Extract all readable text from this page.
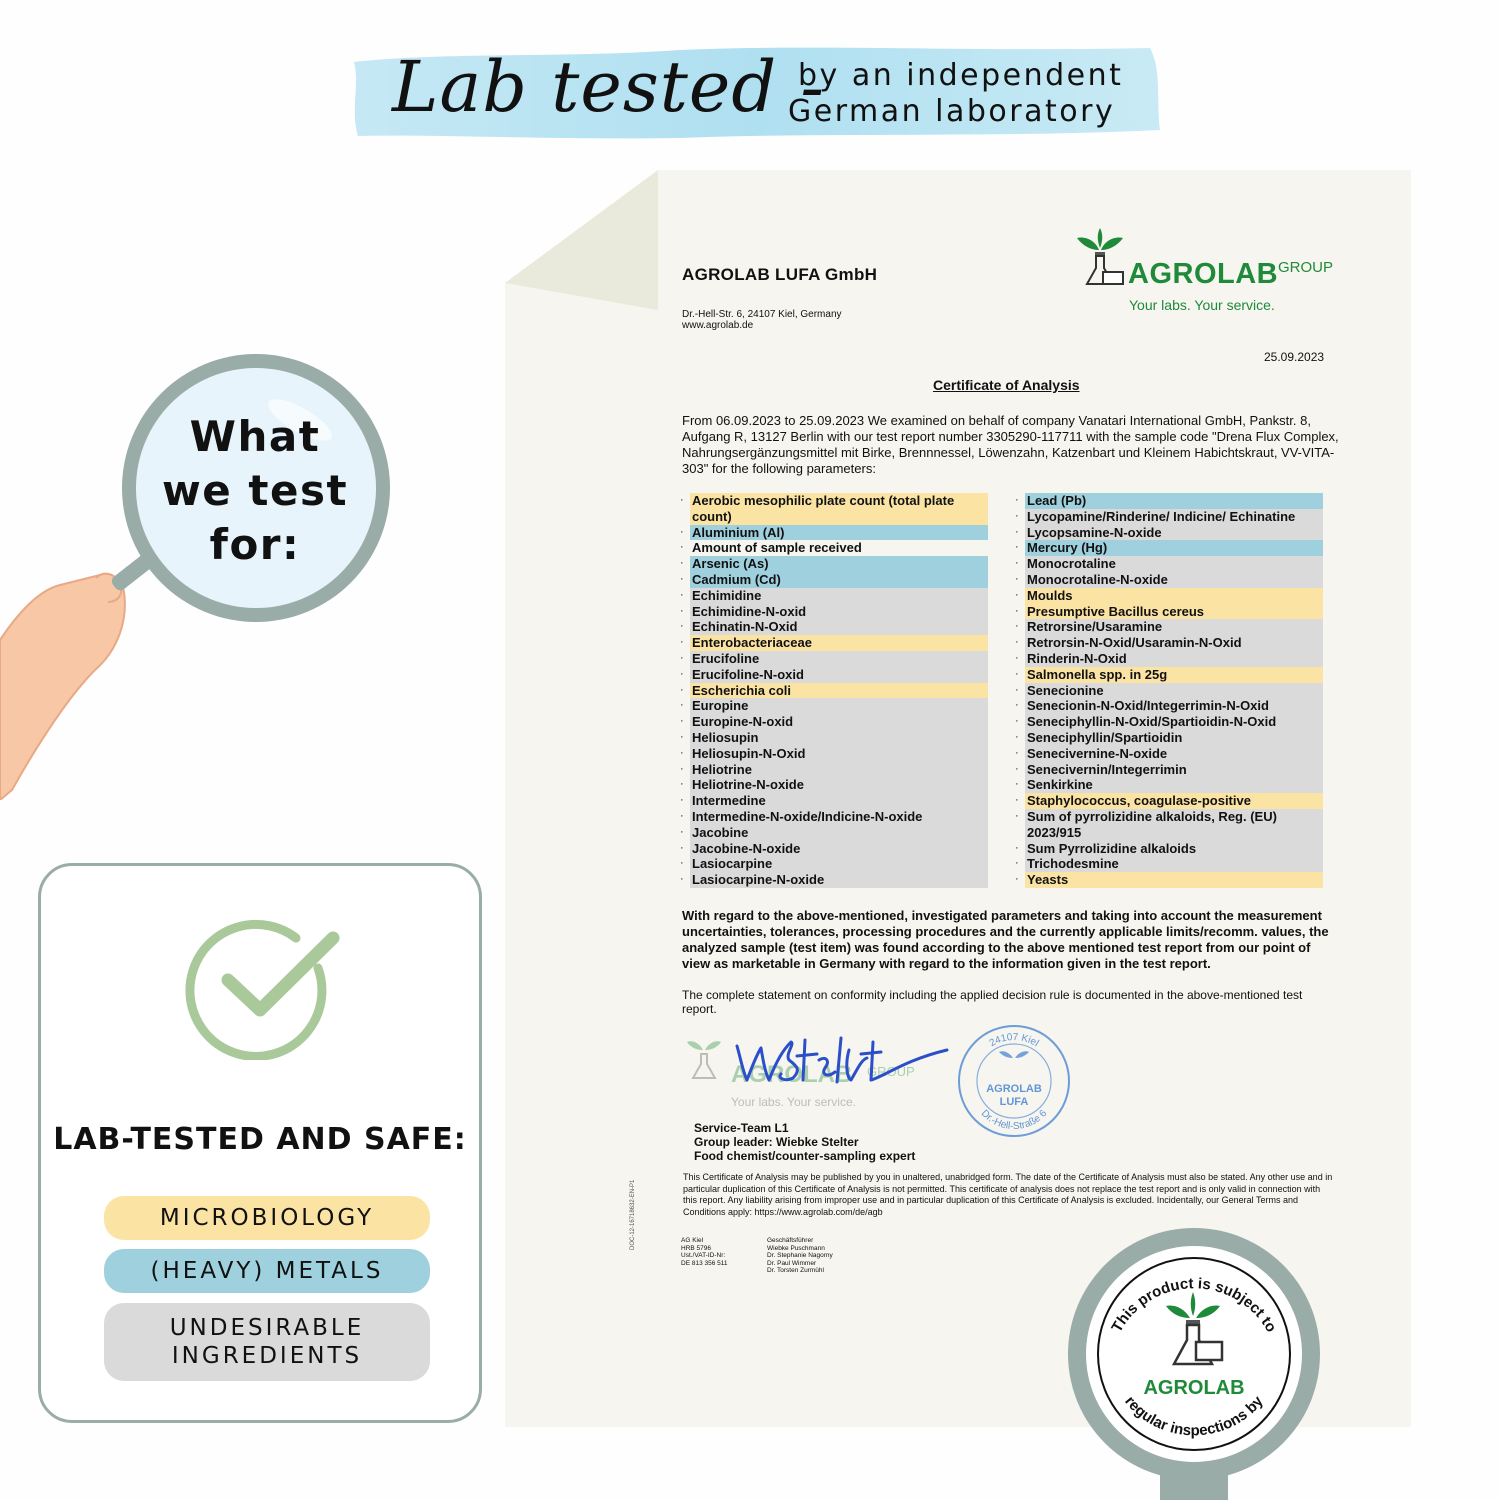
Lab tested -
by an independent
German laboratory
What
we test
for:
LAB-TESTED AND SAFE:
MICROBIOLOGY
(HEAVY) METALS
UNDESIRABLE
INGREDIENTS
AGROLAB LUFA GmbH
Dr.-Hell-Str. 6, 24107 Kiel, Germany
www.agrolab.de
AGROLAB GROUP
Your labs. Your service.
25.09.2023
Certificate of Analysis
From 06.09.2023 to 25.09.2023 We examined on behalf of company Vanatari International GmbH, Pankstr. 8, Aufgang R, 13127 Berlin with our test report number 3305290-117711 with the sample code "Drena Flux Complex, Nahrungsergänzungsmittel mit Birke, Brennnessel, Löwenzahn, Katzenbart und Kleinem Habichtskraut, VV-VITA-303" for the following parameters:
· Aerobic mesophilic plate count (total plate count)
· Aluminium (Al)
· Amount of sample received
· Arsenic (As)
· Cadmium (Cd)
· Echimidine
· Echimidine-N-oxid
· Echinatin-N-Oxid
· Enterobacteriaceae
· Erucifoline
· Erucifoline-N-oxid
· Escherichia coli
· Europine
· Europine-N-oxid
· Heliosupin
· Heliosupin-N-Oxid
· Heliotrine
· Heliotrine-N-oxide
· Intermedine
· Intermedine-N-oxide/Indicine-N-oxide
· Jacobine
· Jacobine-N-oxide
· Lasiocarpine
· Lasiocarpine-N-oxide
· Lead (Pb)
· Lycopamine/Rinderine/ Indicine/ Echinatine
· Lycopsamine-N-oxide
· Mercury (Hg)
· Monocrotaline
· Monocrotaline-N-oxide
· Moulds
· Presumptive Bacillus cereus
· Retrorsine/Usaramine
· Retrorsin-N-Oxid/Usaramin-N-Oxid
· Rinderin-N-Oxid
· Salmonella spp. in 25g
· Senecionine
· Senecionin-N-Oxid/Integerrimin-N-Oxid
· Seneciphyllin-N-Oxid/Spartioidin-N-Oxid
· Seneciphyllin/Spartioidin
· Senecivernine-N-oxide
· Senecivernin/Integerrimin
· Senkirkine
· Staphylococcus, coagulase-positive
· Sum of pyrrolizidine alkaloids, Reg. (EU) 2023/915
· Sum Pyrrolizidine alkaloids
· Trichodesmine
· Yeasts
With regard to the above-mentioned, investigated parameters and taking into account the measurement uncertainties, tolerances, processing procedures and the currently applicable limits/recomm. values, the analyzed sample (test item) was found according to the above mentioned test report from our point of view as marketable in Germany with regard to the information given in the test report.
The complete statement on conformity including the applied decision rule is documented in the above-mentioned test report.
AGROLAB GROUP
Your labs. Your service.
24107 Kiel
Dr.-Hell-Straße 6
AGROLAB
LUFA
Service-Team L1
Group leader: Wiebke Stelter
Food chemist/counter-sampling expert
This Certificate of Analysis may be published by you in unaltered, unabridged form. The date of the Certificate of Analysis must also be stated. Any other use and in particular duplication of this Certificate of Analysis is not permitted. This certificate of analysis does not replace the test report and is only valid in connection with this report. Any liability arising from improper use and in particular duplication of this Certificate of Analysis is excluded. Incidentally, our General Terms and Conditions apply: https://www.agrolab.com/de/agb
DOC-12-16718632-EN-P1	AG Kiel
HRB 5796
Ust./VAT-ID-Nr:
DE 813 356 511
Geschäftsführer
Wiebke Puschmann
Dr. Stephanie Nagorny
Dr. Paul Wimmer
Dr. Torsten Zurmühl
This product is subject to
regular inspections by
AGROLAB
